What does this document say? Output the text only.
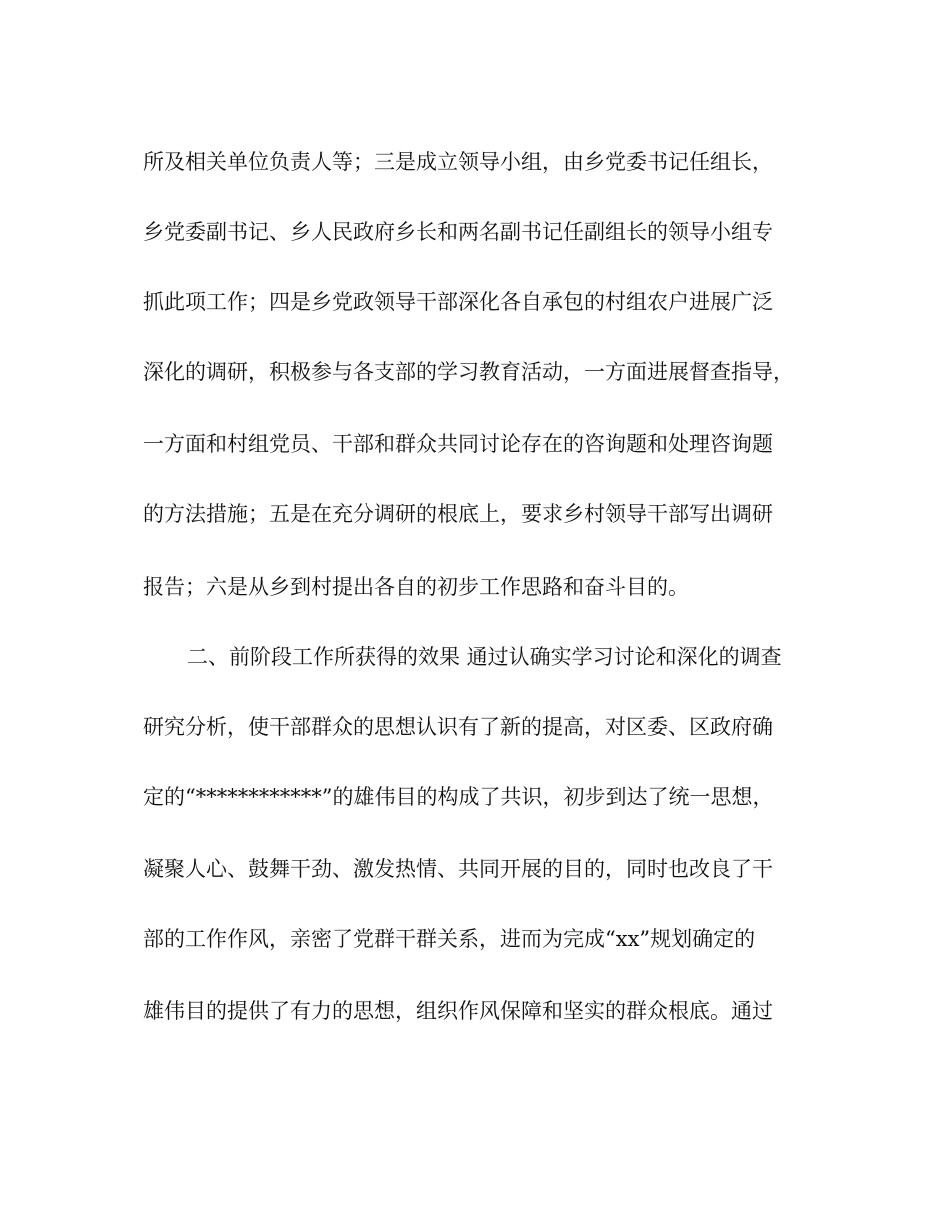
所及相关单位负责人等；三是成立领导小组，由乡党委书记任组长，
乡党委副书记、乡人民政府乡长和两名副书记任副组长的领导小组专
抓此项工作；四是乡党政领导干部深化各自承包的村组农户进展广泛
深化的调研，积极参与各支部的学习教育活动，一方面进展督查指导，
一方面和村组党员、干部和群众共同讨论存在的咨询题和处理咨询题
的方法措施；五是在充分调研的根底上，要求乡村领导干部写出调研
报告；六是从乡到村提出各自的初步工作思路和奋斗目的。
二、前阶段工作所获得的效果 通过认确实学习讨论和深化的调查
研究分析，使干部群众的思想认识有了新的提高，对区委、区政府确
定的“************”的雄伟目的构成了共识，初步到达了统一思想，
凝聚人心、鼓舞干劲、激发热情、共同开展的目的，同时也改良了干
部的工作作风，亲密了党群干群关系，进而为完成“xx”规划确定的
雄伟目的提供了有力的思想，组织作风保障和坚实的群众根底。通过
